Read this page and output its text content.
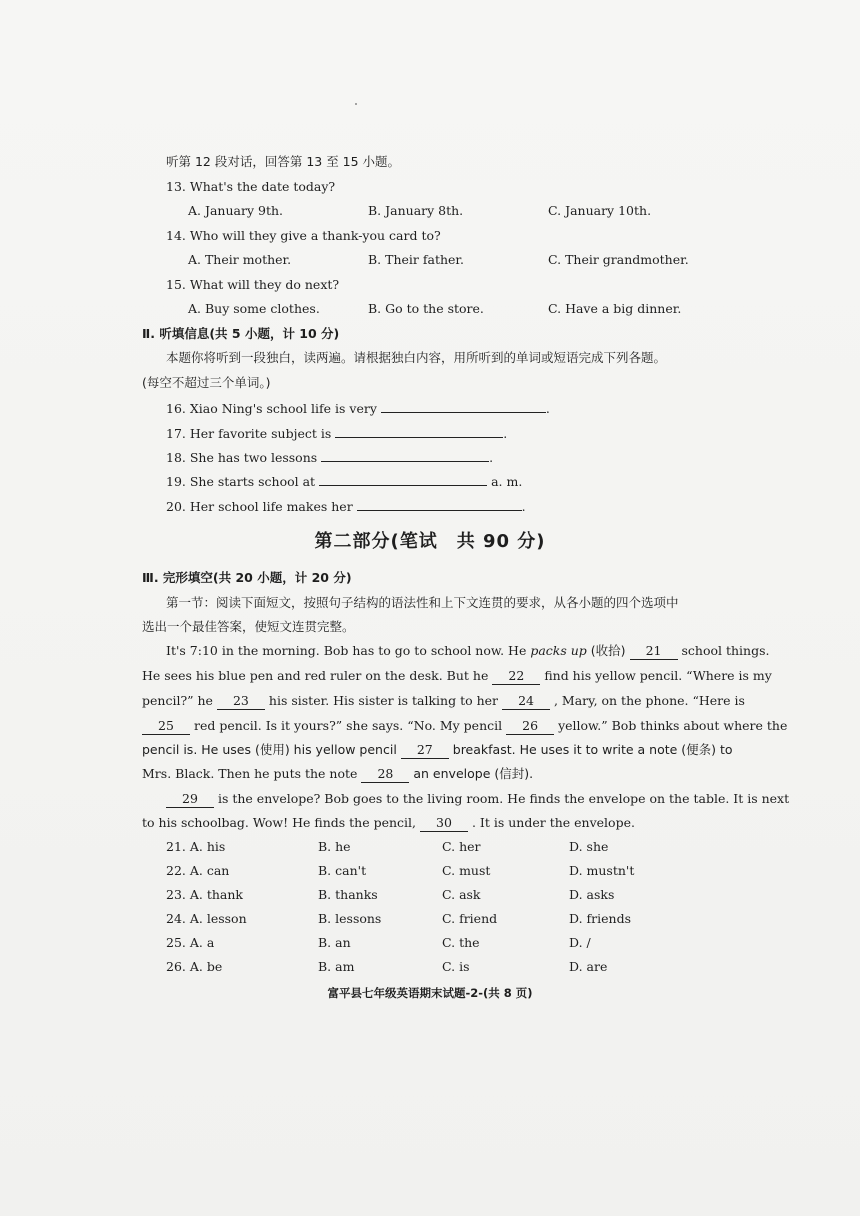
听第 12 段对话，回答第 13 至 15 小题。
13. What's the date today?
A. January 9th.	B. January 8th.	C. January 10th.
14. Who will they give a thank-you card to?
A. Their mother.	B. Their father.	C. Their grandmother.
15. What will they do next?
A. Buy some clothes.	B. Go to the store.	C. Have a big dinner.
Ⅱ. 听填信息(共 5 小题，计 10 分)
本题你将听到一段独白，读两遍。请根据独白内容，用所听到的单词或短语完成下列各题。
(每空不超过三个单词。)
16. Xiao Ning's school life is very	.
17. Her favorite subject is	.
18. She has two lessons	.
19. She starts school at	a. m.
20. Her school life makes her	.
第二部分(笔试　共 90 分)
Ⅲ. 完形填空(共 20 小题，计 20 分)
第一节：阅读下面短文，按照句子结构的语法性和上下文连贯的要求，从各小题的四个选项中
选出一个最佳答案，使短文连贯完整。
It's 7:10 in the morning. Bob has to go to school now. He packs up (收拾) 21 school things.
He sees his blue pen and red ruler on the desk. But he 22 find his yellow pencil. “Where is my
pencil?” he 23 his sister. His sister is talking to her 24 , Mary, on the phone. “Here is
25 red pencil. Is it yours?” she says. “No. My pencil 26 yellow.” Bob thinks about where the
pencil is. He uses (使用) his yellow pencil 27 breakfast. He uses it to write a note (便条) to
Mrs. Black. Then he puts the note 28 an envelope (信封).
29 is the envelope? Bob goes to the living room. He finds the envelope on the table. It is next
to his schoolbag. Wow! He finds the pencil, 30 . It is under the envelope.
21. A. his	B. he	C. her	D. she
22. A. can	B. can't	C. must	D. mustn't
23. A. thank	B. thanks	C. ask	D. asks
24. A. lesson	B. lessons	C. friend	D. friends
25. A. a	B. an	C. the	D. /
26. A. be	B. am	C. is	D. are
富平县七年级英语期末试题-2-(共 8 页)
